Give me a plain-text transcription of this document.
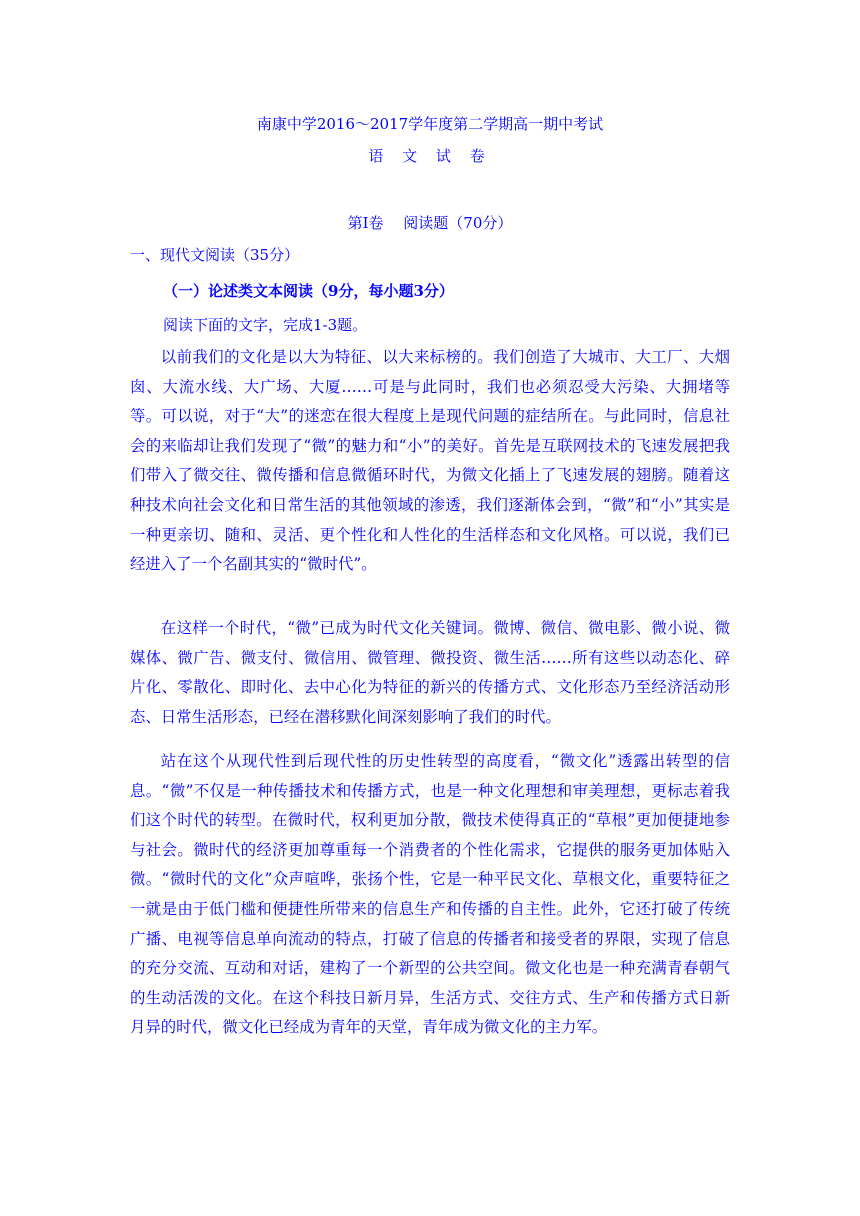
南康中学2016～2017学年度第二学期高一期中考试
语 文 试 卷
第Ⅰ卷　 阅读题（70分）
一、现代文阅读（35分）
（一）论述类文本阅读（9分，每小题3分）
阅读下面的文字，完成1-3题。
以前我们的文化是以大为特征、以大来标榜的。我们创造了大城市、大工厂、大烟囱、大流水线、大广场、大厦……可是与此同时，我们也必须忍受大污染、大拥堵等等。可以说，对于“大”的迷恋在很大程度上是现代问题的症结所在。与此同时，信息社会的来临却让我们发现了“微”的魅力和“小”的美好。首先是互联网技术的飞速发展把我们带入了微交往、微传播和信息微循环时代，为微文化插上了飞速发展的翅膀。随着这种技术向社会文化和日常生活的其他领域的渗透，我们逐渐体会到，“微”和“小”其实是一种更亲切、随和、灵活、更个性化和人性化的生活样态和文化风格。可以说，我们已经进入了一个名副其实的“微时代”。
在这样一个时代，“微”已成为时代文化关键词。微博、微信、微电影、微小说、微媒体、微广告、微支付、微信用、微管理、微投资、微生活……所有这些以动态化、碎片化、零散化、即时化、去中心化为特征的新兴的传播方式、文化形态乃至经济活动形态、日常生活形态，已经在潜移默化间深刻影响了我们的时代。
站在这个从现代性到后现代性的历史性转型的高度看，“微文化”透露出转型的信息。“微”不仅是一种传播技术和传播方式，也是一种文化理想和审美理想，更标志着我们这个时代的转型。在微时代，权利更加分散，微技术使得真正的“草根”更加便捷地参与社会。微时代的经济更加尊重每一个消费者的个性化需求，它提供的服务更加体贴入微。“微时代的文化”众声喧哗，张扬个性，它是一种平民文化、草根文化，重要特征之一就是由于低门槛和便捷性所带来的信息生产和传播的自主性。此外，它还打破了传统广播、电视等信息单向流动的特点，打破了信息的传播者和接受者的界限，实现了信息的充分交流、互动和对话，建构了一个新型的公共空间。微文化也是一种充满青春朝气的生动活泼的文化。在这个科技日新月异，生活方式、交往方式、生产和传播方式日新月异的时代，微文化已经成为青年的天堂，青年成为微文化的主力军。
